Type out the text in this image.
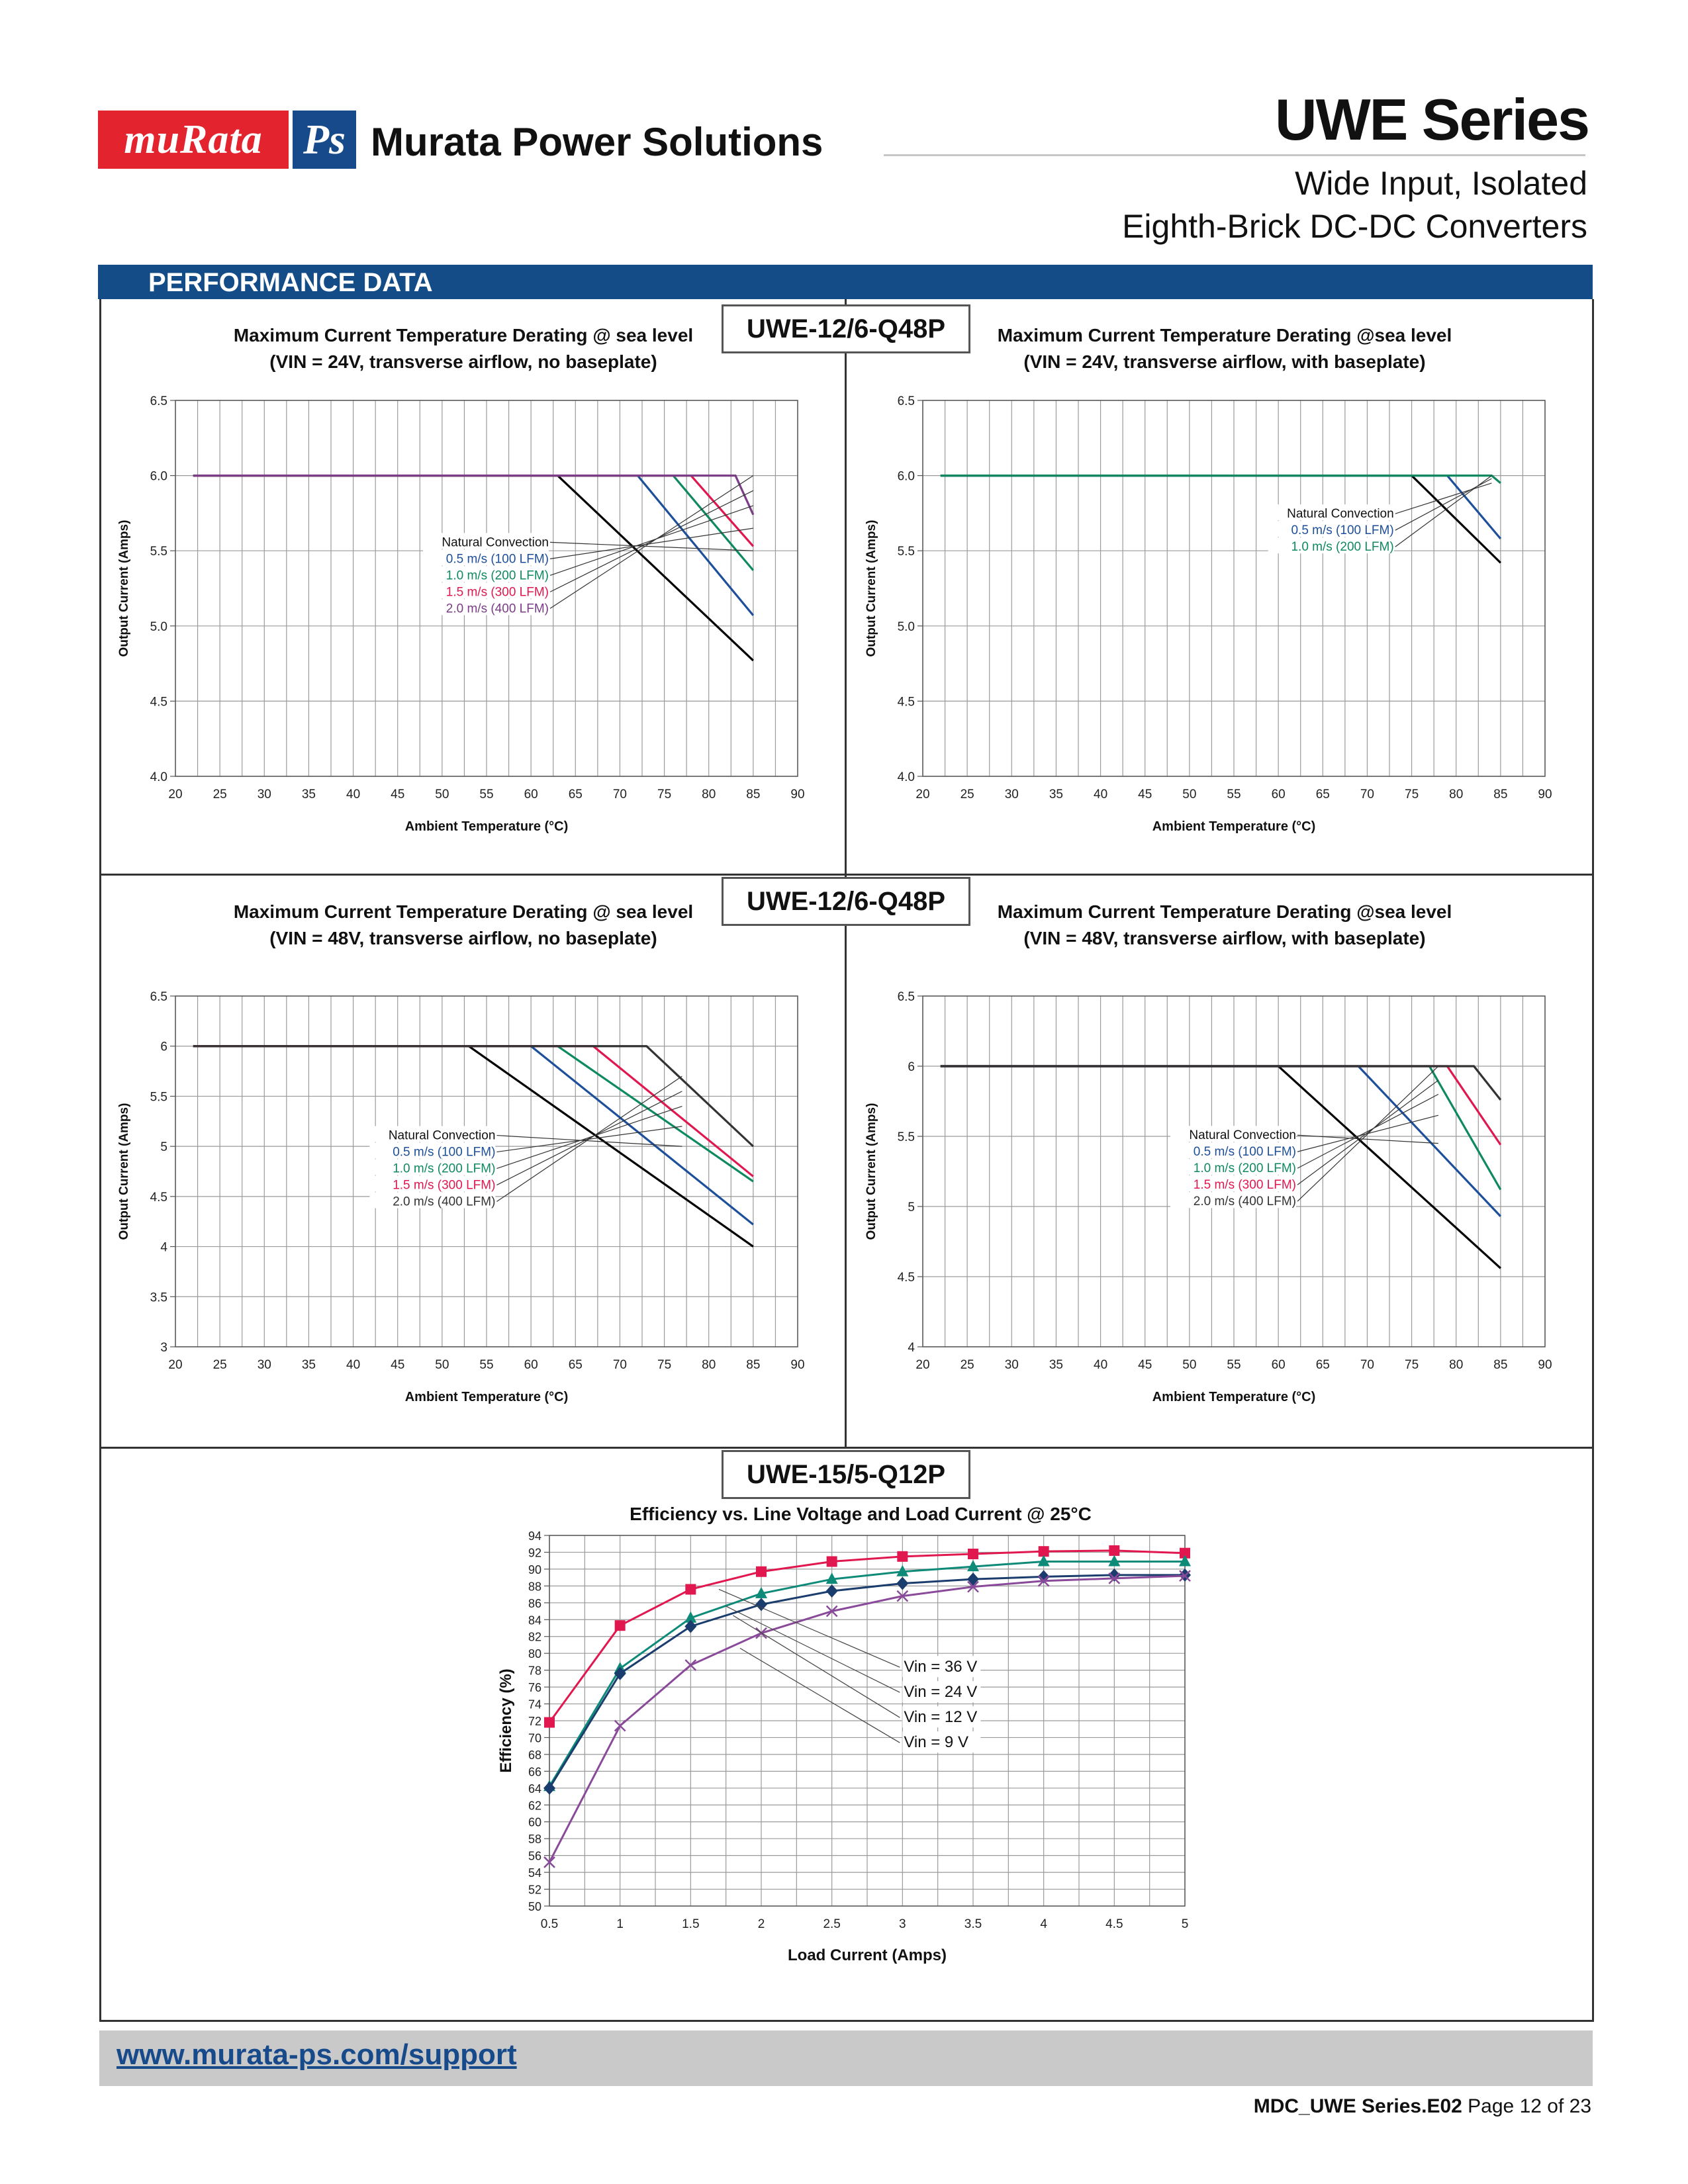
muRata Ps Murata Power Solutions	UWE Series
Wide Input, Isolated
Eighth-Brick DC-DC Converters
PERFORMANCE DATA
UWE-12/6-Q48P
UWE-12/6-Q48P
UWE-15/5-Q12P
Maximum Current Temperature Derating @ sea level
(VIN = 24V, transverse airflow, no baseplate)
Maximum Current Temperature Derating @sea level
(VIN = 24V, transverse airflow, with baseplate)
Maximum Current Temperature Derating @ sea level
(VIN = 48V, transverse airflow, no baseplate)
Maximum Current Temperature Derating @sea level
(VIN = 48V, transverse airflow, with baseplate)
Efficiency vs. Line Voltage and Load Current @ 25°C
4.0
4.5
5.0
5.5
6.0
6.5
20 25 30 35 40 45 50 55 60 65 70 75 80 85 90
Ambient Temperature (°C)
Output Current (Amps)	Natural Convection
0.5 m/s (100 LFM)
1.0 m/s (200 LFM)
1.5 m/s (300 LFM)
2.0 m/s (400 LFM)
4.0
4.5
5.0
5.5
6.0
6.5
20 25 30 35 40 45 50 55 60 65 70 75 80 85 90
Ambient Temperature (°C)
Output Current (Amps)
Natural Convection
0.5 m/s (100 LFM)
1.0 m/s (200 LFM)
3
3.5
4
4.5
5
5.5
6
6.5
20 25 30 35 40 45 50 55 60 65 70 75 80 85 90
Ambient Temperature (°C)
Output Current (Amps)	Natural Convection
0.5 m/s (100 LFM)
1.0 m/s (200 LFM)
1.5 m/s (300 LFM)
2.0 m/s (400 LFM)
4
4.5
5
5.5
6
6.5
20 25 30 35 40 45 50 55 60 65 70 75 80 85 90
Ambient Temperature (°C)
Output Current (Amps)	Natural Convection
0.5 m/s (100 LFM)
1.0 m/s (200 LFM)
1.5 m/s (300 LFM)
2.0 m/s (400 LFM)
50
52
54
56
58
60
62
64
66
68
70
72
74
76
78
80
82
84
86
88
90
92
94
0.5	1	1.5	2	2.5	3	3.5	4	4.5	5
Load Current (Amps)
Efficiency (%)
Vin = 36 V
Vin = 24 V
Vin = 12 V
Vin = 9 V
www.murata-ps.com/support
MDC_UWE Series.E02 Page 12 of 23
